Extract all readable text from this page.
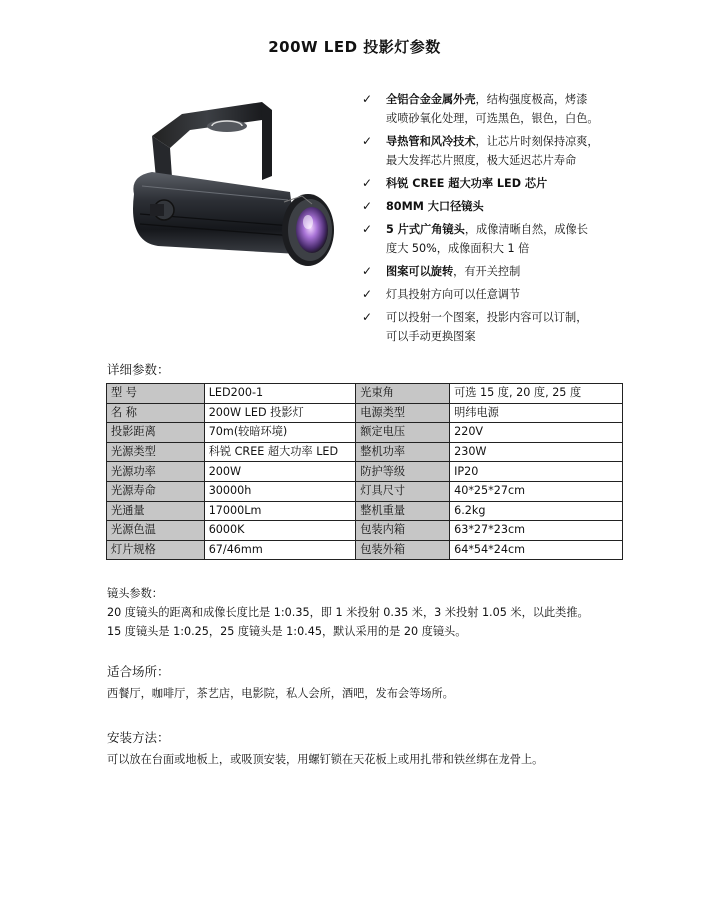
200W LED 投影灯参数
✓ 全铝合金金属外壳，结构强度极高，烤漆
或喷砂氧化处理，可选黑色，银色，白色。
✓ 导热管和风冷技术，让芯片时刻保持凉爽，
最大发挥芯片照度，极大延迟芯片寿命
✓ 科锐 CREE 超大功率 LED 芯片
✓ 80MM 大口径镜头
✓ 5 片式广角镜头，成像清晰自然，成像长
度大 50%，成像面积大 1 倍
✓ 图案可以旋转，有开关控制
✓ 灯具投射方向可以任意调节
✓ 可以投射一个图案，投影内容可以订制，
可以手动更换图案
详细参数：
型 号	LED200-1	光束角	可选 15 度, 20 度, 25 度
名 称	200W LED 投影灯	电源类型	明纬电源
投影距离	70m(较暗环境)	额定电压	220V
光源类型	科锐 CREE 超大功率 LED	整机功率	230W
光源功率	200W	防护等级	IP20
光源寿命	30000h	灯具尺寸	40*25*27cm
光通量	17000Lm	整机重量	6.2kg
光源色温	6000K	包装内箱	63*27*23cm
灯片规格	67/46mm	包装外箱	64*54*24cm
镜头参数：
20 度镜头的距离和成像长度比是 1:0.35，即 1 米投射 0.35 米，3 米投射 1.05 米，以此类推。
15 度镜头是 1:0.25，25 度镜头是 1:0.45，默认采用的是 20 度镜头。
适合场所：
西餐厅，咖啡厅，茶艺店，电影院，私人会所，酒吧，发布会等场所。
安装方法：
可以放在台面或地板上，或吸顶安装，用螺钉锁在天花板上或用扎带和铁丝绑在龙骨上。
